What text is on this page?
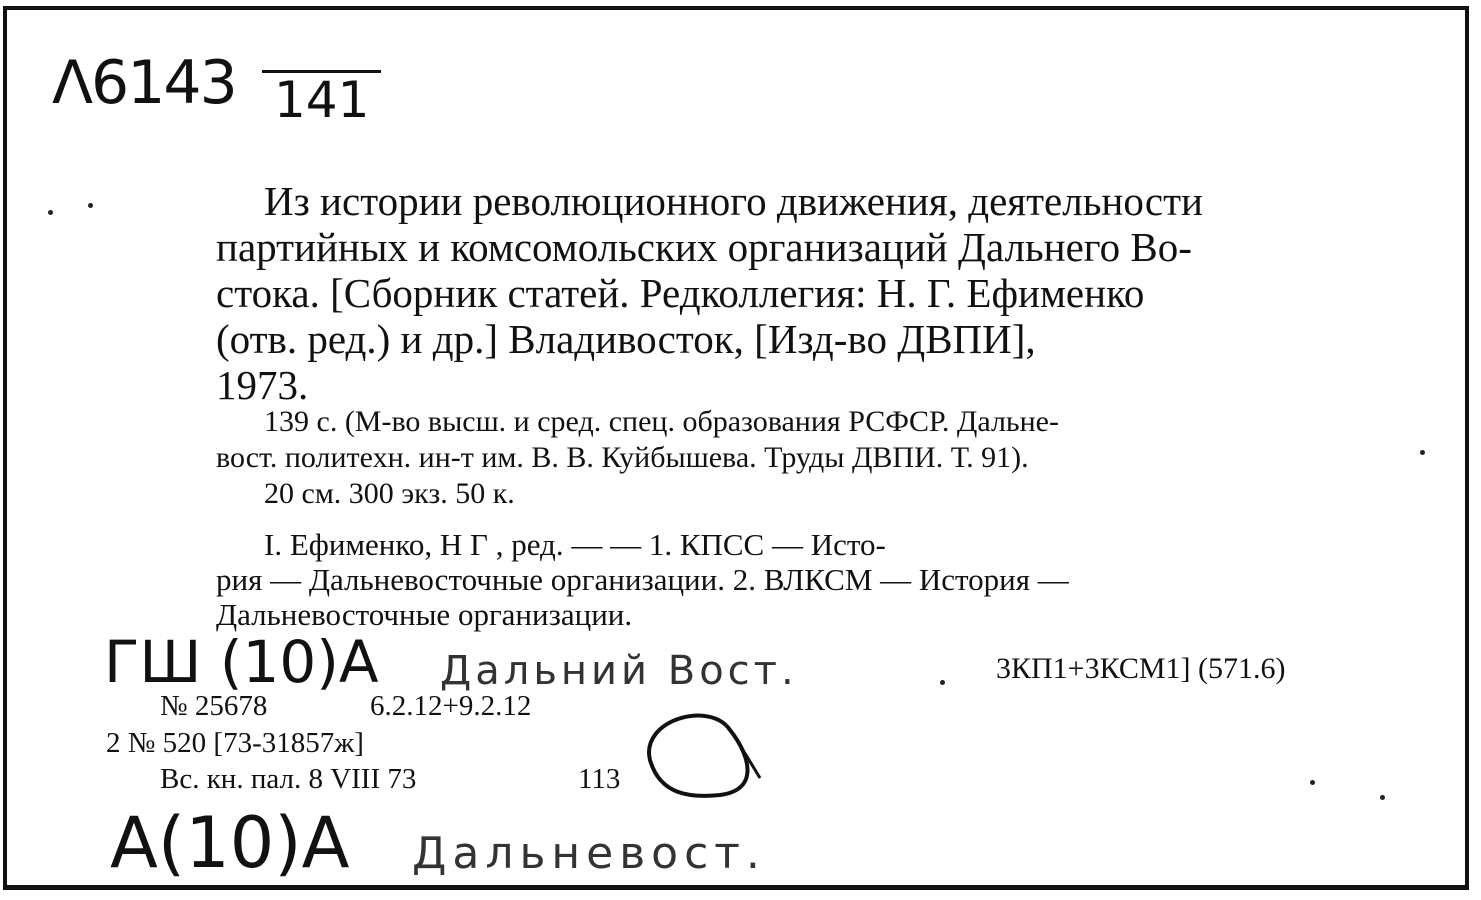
Λ6143 141
Из истории революционного движения, деятельности
партийных и комсомольских организаций Дальнего Во-
стока. [Сборник статей. Редколлегия: Н. Г. Ефименко
(отв. ред.) и др.] Владивосток, [Изд-во ДВПИ],
1973.
139 с. (М-во высш. и сред. спец. образования РСФСР. Дальне-
вост. политехн. ин-т им. В. В. Куйбышева. Труды ДВПИ. Т. 91).
20 см. 300 экз. 50 к.
I. Ефименко, Н Г , ред. — — 1. КПСС — Исто-
рия — Дальневосточные организации. 2. ВЛКСМ — История —
Дальневосточные организации.
ГШ (10)А Дальний Вост.	3КП1+3КСМ1] (571.6)
№ 25678	6.2.12+9.2.12
2 № 520 [73-31857ж]
Вс. кн. пал. 8 VIII 73	113
А(10)А Дальневост.
